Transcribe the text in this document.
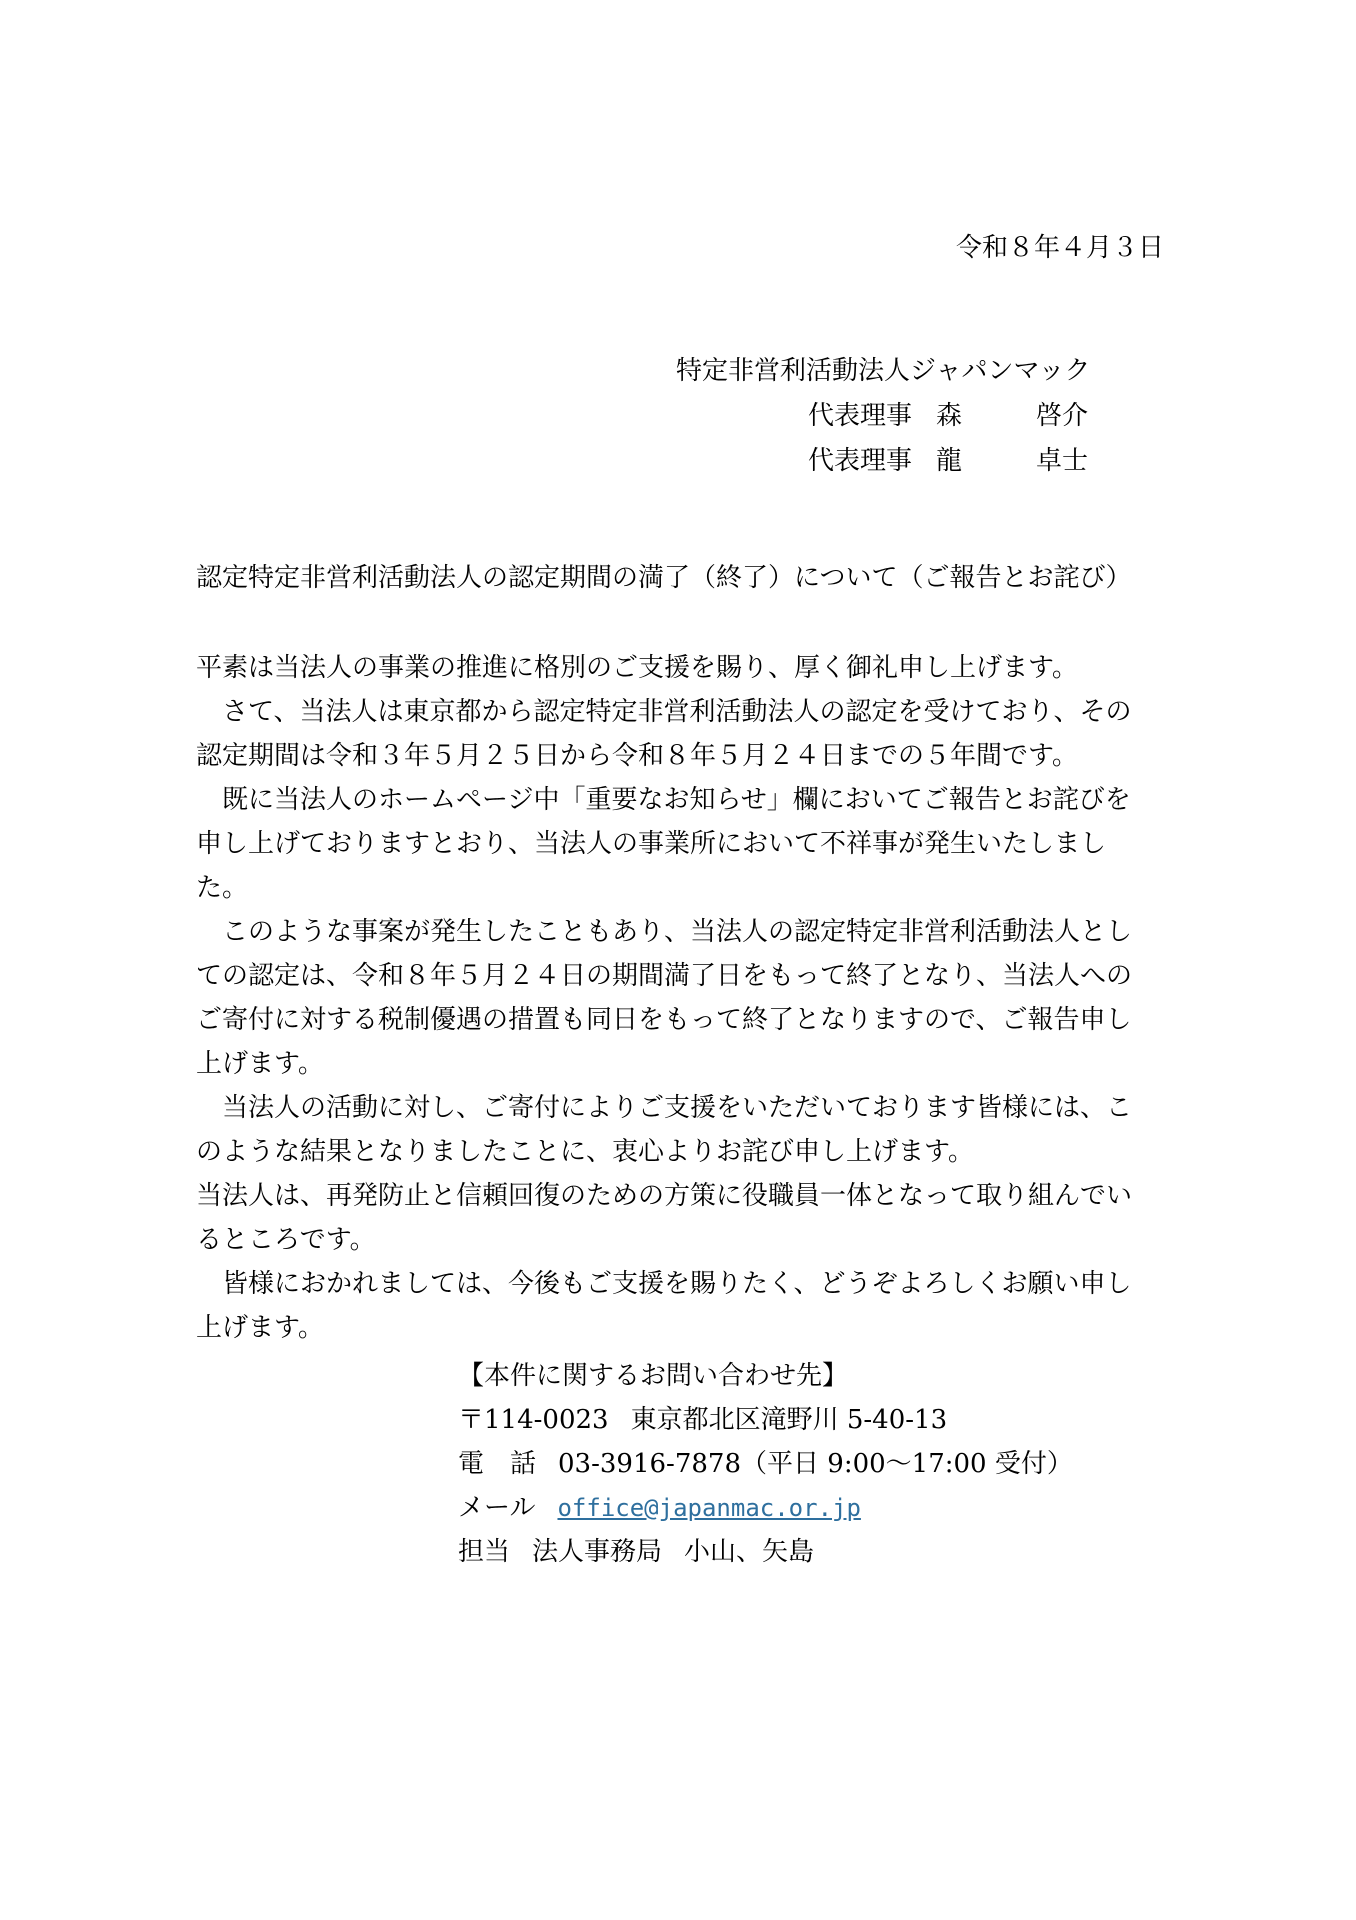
令和８年４月３日
特定非営利活動法人ジャパンマック
代表理事 森	啓介
代表理事 龍	卓士
認定特定非営利活動法人の認定期間の満了（終了）について（ご報告とお詫び）

平素は当法人の事業の推進に格別のご支援を賜り、厚く御礼申し上げます。

　さて、当法人は東京都から認定特定非営利活動法人の認定を受けており、その

認定期間は令和３年５月２５日から令和８年５月２４日までの５年間です。

　既に当法人のホームページ中「重要なお知らせ」欄においてご報告とお詫びを

申し上げておりますとおり、当法人の事業所において不祥事が発生いたしまし

た。

　このような事案が発生したこともあり、当法人の認定特定非営利活動法人とし

ての認定は、令和８年５月２４日の期間満了日をもって終了となり、当法人への

ご寄付に対する税制優遇の措置も同日をもって終了となりますので、ご報告申し

上げます。

　当法人の活動に対し、ご寄付によりご支援をいただいております皆様には、こ

のような結果となりましたことに、衷心よりお詫び申し上げます。

当法人は、再発防止と信頼回復のための方策に役職員一体となって取り組んでい

るところです。

　皆様におかれましては、今後もご支援を賜りたく、どうぞよろしくお願い申し

上げます。

【本件に関するお問い合わせ先】
〒114-0023 東京都北区滝野川 5-40-13
電　話 03-3916-7878（平日 9:00～17:00 受付）
メール office@japanmac.or.jp
担当 法人事務局 小山、矢島
